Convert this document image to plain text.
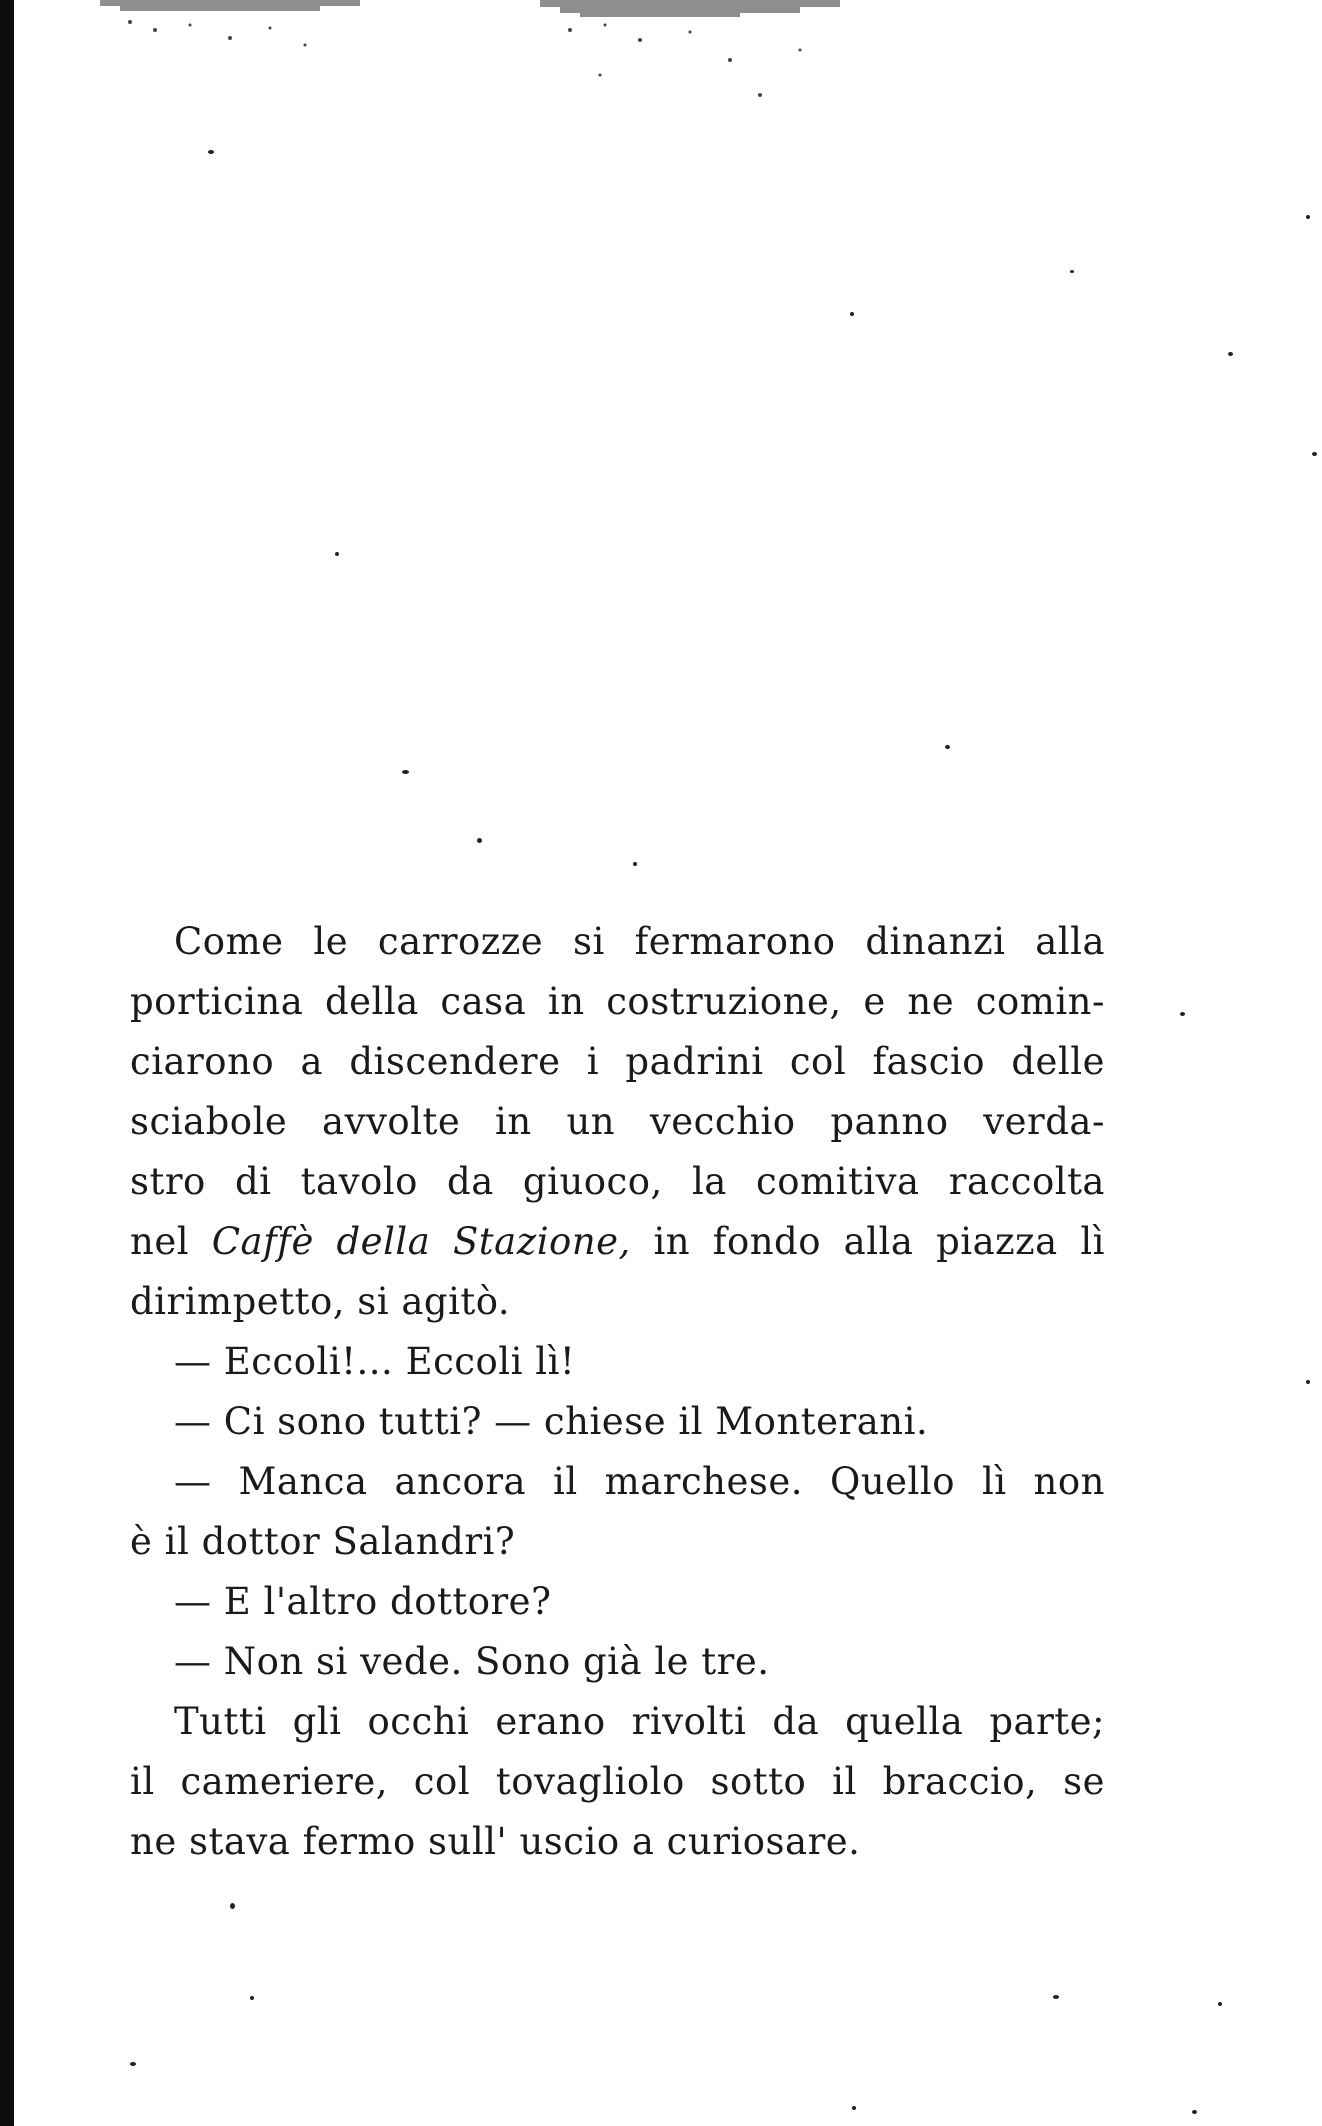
Come le carrozze si fermarono dinanzi alla
porticina della casa in costruzione, e ne comin-
ciarono a discendere i padrini col fascio delle
sciabole avvolte in un vecchio panno verda-
stro di tavolo da giuoco, la comitiva raccolta
nel Caffè della Stazione, in fondo alla piazza lì
dirimpetto, si agitò.
— Eccoli!... Eccoli lì!
— Ci sono tutti? — chiese il Monterani.
— Manca ancora il marchese. Quello lì non
è il dottor Salandri?
— E l'altro dottore?
— Non si vede. Sono già le tre.
Tutti gli occhi erano rivolti da quella parte;
il cameriere, col tovagliolo sotto il braccio, se
ne stava fermo sull' uscio a curiosare.
